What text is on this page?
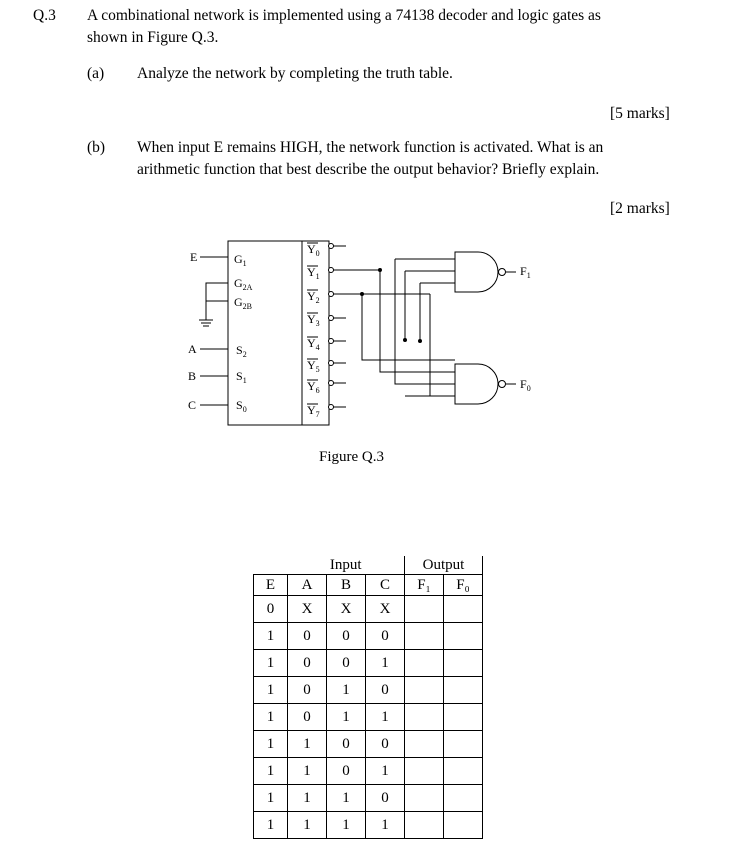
Q.3 A combinational network is implemented using a 74138 decoder and logic gates as
shown in Figure Q.3.
(a) Analyze the network by completing the truth table.
[5 marks]
(b) When input E remains HIGH, the network function is activated. What is an
arithmetic function that best describe the output behavior? Briefly explain.
[2 marks]
E
A
B
C
$G_1$
$G_{2A}$
$G_{2B}$
$S_2$
$S_1$
$S_0$
$Y_0$
$Y_1$
$Y_2$
$Y_3$
$Y_4$
$Y_5$
$Y_6$
$Y_7$
$F_1$
$F_0$
Figure Q.3
	Input			Output	
E	A	B	C	F₁	F₀
0	X	X	X		
1	0	0	0		
1	0	0	1		
1	0	1	0		
1	0	1	1		
1	1	0	0		
1	1	0	1		
1	1	1	0		
1	1	1	1		
